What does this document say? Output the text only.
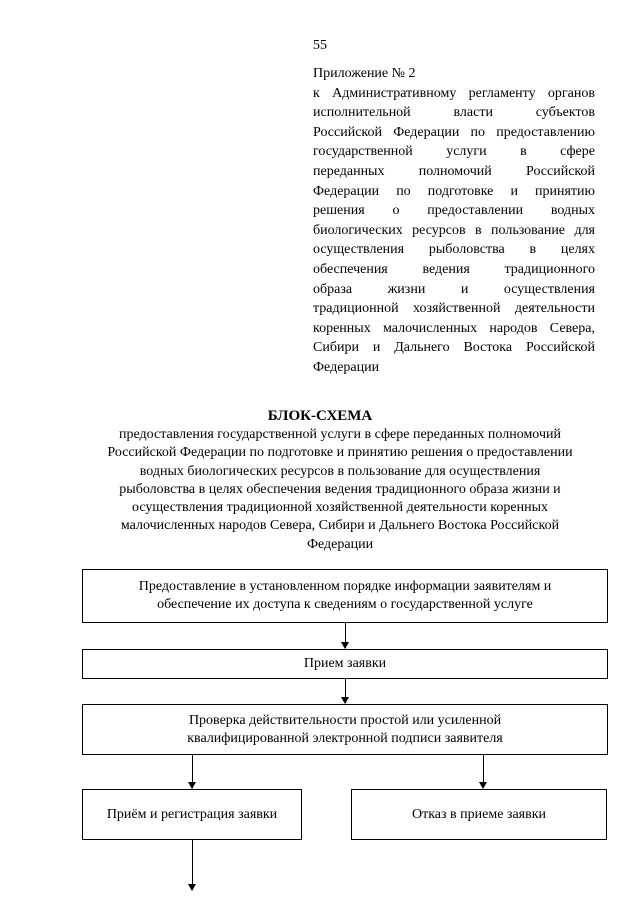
55
Приложение № 2
к Административному регламенту органов
исполнительной власти субъектов
Российской Федерации по предоставлению
государственной услуги в сфере
переданных полномочий Российской
Федерации по подготовке и принятию
решения о предоставлении водных
биологических ресурсов в пользование для
осуществления рыболовства в целях
обеспечения ведения традиционного
образа жизни и осуществления
традиционной хозяйственной деятельности
коренных малочисленных народов Севера,
Сибири и Дальнего Востока Российской
Федерации
БЛОК-СХЕМА
предоставления государственной услуги в сфере переданных полномочий
Российской Федерации по подготовке и принятию решения о предоставлении
водных биологических ресурсов в пользование для осуществления
рыболовства в целях обеспечения ведения традиционного образа жизни и
осуществления традиционной хозяйственной деятельности коренных
малочисленных народов Севера, Сибири и Дальнего Востока Российской
Федерации
Предоставление в установленном порядке информации заявителям и
обеспечение их доступа к сведениям о государственной услуге
Прием заявки
Проверка действительности простой или усиленной
квалифицированной электронной подписи заявителя
Приём и регистрация заявки	Отказ в приеме заявки
